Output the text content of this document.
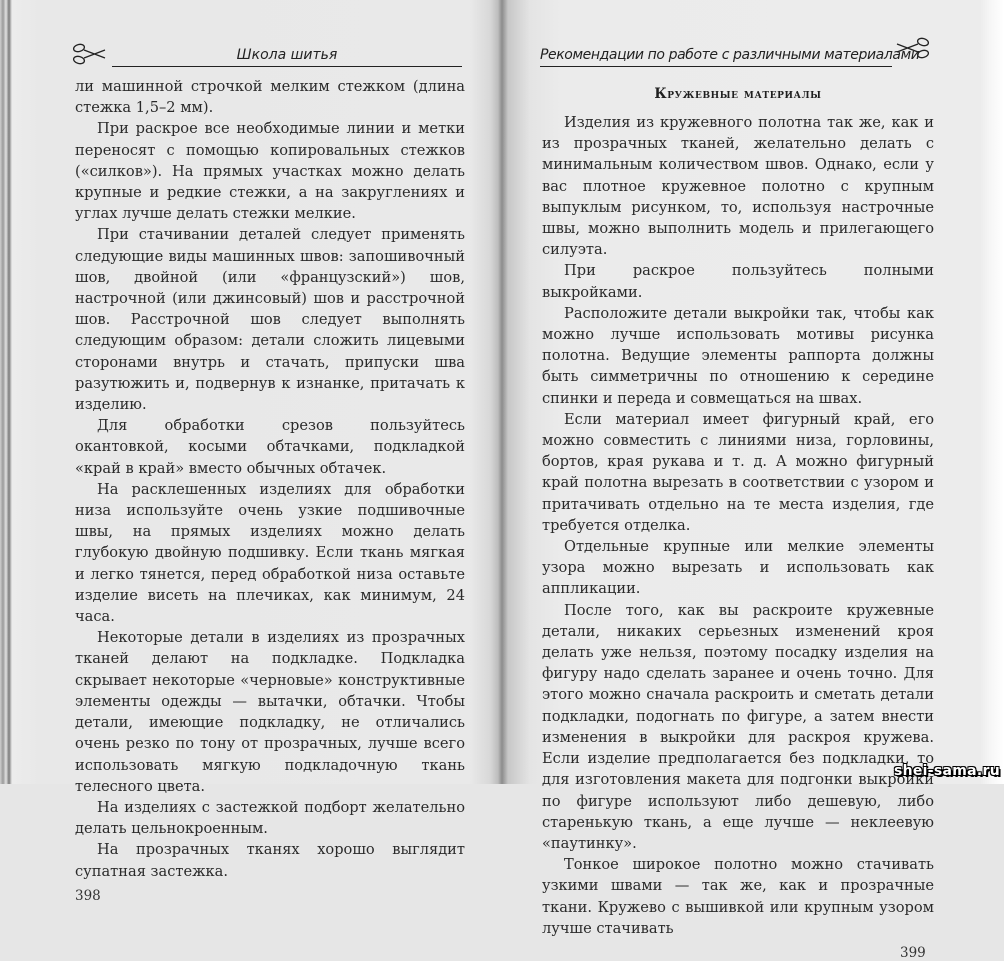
Школа шитья

ли машинной строчкой мелким стежком (длина стежка 1,5–2 мм).

При раскрое все необходимые линии и метки переносят с помощью копировальных стежков («силков»). На прямых участках можно делать крупные и редкие стежки, а на закруглениях и углах лучше делать стежки мелкие.

При стачивании деталей следует применять следующие виды машинных швов: запошивочный шов, двойной (или «французский») шов, настрочной (или джинсовый) шов и расстрочной шов. Расстрочной шов следует выполнять следующим образом: детали сложить лицевыми сторонами внутрь и стачать, припуски шва разутюжить и, подвернув к изнанке, притачать к изделию.

Для обработки срезов пользуйтесь окантовкой, косыми обтачками, подкладкой «край в край» вместо обычных обтачек.

На расклешенных изделиях для обработки низа используйте очень узкие подшивочные швы, на прямых изделиях можно делать глубокую двойную подшивку. Если ткань мягкая и легко тянется, перед обработкой низа оставьте изделие висеть на плечиках, как минимум, 24 часа.

Некоторые детали в изделиях из прозрачных тканей делают на подкладке. Подкладка скрывает некоторые «черновые» конструктивные элементы одежды — вытачки, обтачки. Чтобы детали, имеющие подкладку, не отличались очень резко по тону от прозрачных, лучше всего использовать мягкую подкладочную ткань телесного цвета.

На изделиях с застежкой подборт желательно делать цельнокроенным.

На прозрачных тканях хорошо выглядит супатная застежка.

398
Рекомендации по работе с различными материалами
Кружевные материалы

Изделия из кружевного полотна так же, как и из прозрачных тканей, желательно делать с минимальным количеством швов. Однако, если у вас плотное кружевное полотно с крупным выпуклым рисунком, то, используя настрочные швы, можно выполнить модель и прилегающего силуэта.

При раскрое пользуйтесь полными выкройками.

Расположите детали выкройки так, чтобы как можно лучше использовать мотивы рисунка полотна. Ведущие элементы раппорта должны быть симметричны по отношению к середине спинки и переда и совмещаться на швах.

Если материал имеет фигурный край, его можно совместить с линиями низа, горловины, бортов, края рукава и т. д. А можно фигурный край полотна вырезать в соответствии с узором и притачивать отдельно на те места изделия, где требуется отделка.

Отдельные крупные или мелкие элементы узора можно вырезать и использовать как аппликации.

После того, как вы раскроите кружевные детали, никаких серьезных изменений кроя делать уже нельзя, поэтому посадку изделия на фигуру надо сделать заранее и очень точно. Для этого можно сначала раскроить и сметать детали подкладки, подогнать по фигуре, а затем внести изменения в выкройки для раскроя кружева. Если изделие предполагается без подкладки, то для изготовления макета для подгонки выкройки по фигуре используют либо дешевую, либо старенькую ткань, а еще лучше — неклеевую «паутинку».

Тонкое широкое полотно можно стачивать узкими швами — так же, как и прозрачные ткани. Кружево с вышивкой или крупным узором лучше стачивать

399
shei-sama.ru
